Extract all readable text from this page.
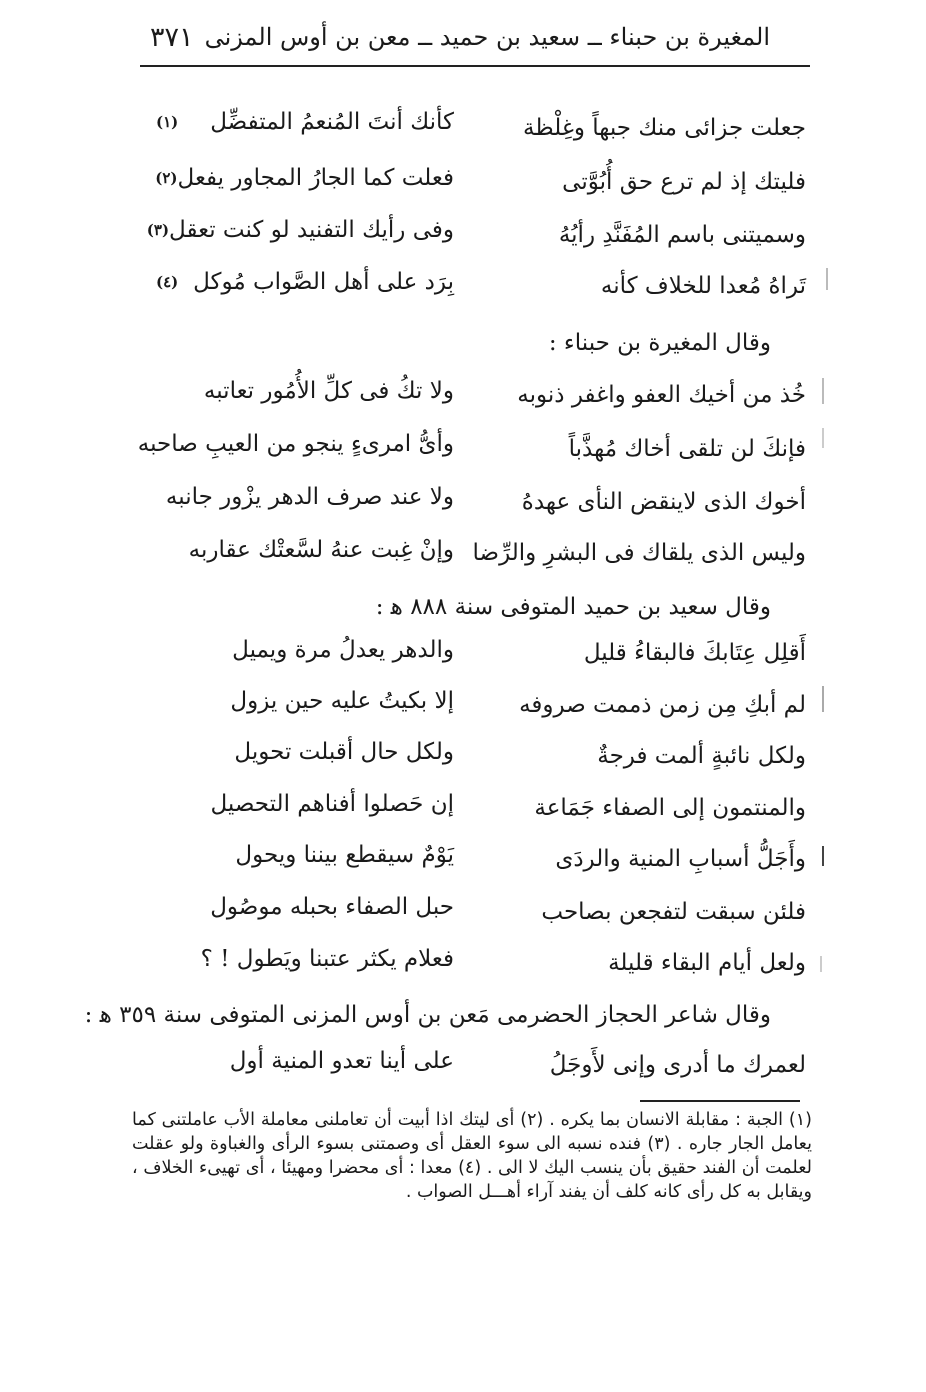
المغيرة بن حبناء ــ سعيد بن حميد ــ معن بن أوس المزنى
٣٧١
جعلت جزائى منك جبهاً وغِلْظة
كأنك أنتَ المُنعمُ المتفضِّل
(١)
فليتك إذ لم ترع حق أُبُوَّتى
فعلت كما الجارُ المجاور يفعل
(٢)
وسميتنى باسم المُفَنَّدِ رأيُهُ
وفى رأيك التفنيد لو كنت تعقل
(٣)
تَراهُ مُعدا للخلاف كأنه
بِرَد على أهل الصَّواب مُوكل
(٤)
وقال المغيرة بن حبناء :
خُذ من أخيك العفو واغفر ذنوبه
ولا تكُ فى كلِّ الأُمُور تعاتبه
فإنكَ لن تلقى أخاك مُهذَّباً
وأىُّ امرىءٍ ينجو من العيبِ صاحبه
أخوك الذى لاينقض النأى عهدهُ
ولا عند صرف الدهر يزْور جانبه
وليس الذى يلقاك فى البشرِ والرِّضا
وإنْ غِبت عنهُ لسَّعتْك عقاربه
وقال سعيد بن حميد المتوفى سنة ٨٨٨ ﻫ :
أَقلِل عِتَابكَ فالبقاءُ قليل
والدهر يعدلُ مرة ويميل
لم أبكِ مِن زمن ذممت صروفه
إلا بكيتُ عليه حين يزول
ولكل نائبةٍ ألمت فرجةٌ
ولكل حال أقبلت تحويل
والمنتمون إلى الصفاء جَمَاعة
إن حَصلوا أفناهم التحصيل
وأَجَلُّ أسبابِ المنية والردَى
يَوْمٌ سيقطع بيننا ويحول
فلئن سبقت لتفجعن بصاحب
حبل الصفاء بحبله موصُول
ولعل أيام البقاء قليلة
فعلام يكثر عتبنا ويَطول ! ؟
وقال شاعر الحجاز الحضرمى مَعن بن أوس المزنى المتوفى سنة ٣٥٩ ﻫ :
لعمرك ما أدرى وإنى لأَوجَلُ
على أينا تعدو المنية أول

(١) الجبة : مقابلة الانسان بما يكره . (٢) أى ليتك اذا أبيت أن تعاملنى معاملة الأب عاملتنى كما يعامل الجار جاره . (٣) فنده نسبه الى سوء العقل أى وصمتنى بسوء الرأى والغباوة ولو عقلت لعلمت أن الفند حقيق بأن ينسب اليك لا الى . (٤) معدا : أى محضرا ومهيئا ، أى تهيىء الخلاف ، ويقابل به كل رأى كانه كلف أن يفند آراء أهـــل الصواب .
